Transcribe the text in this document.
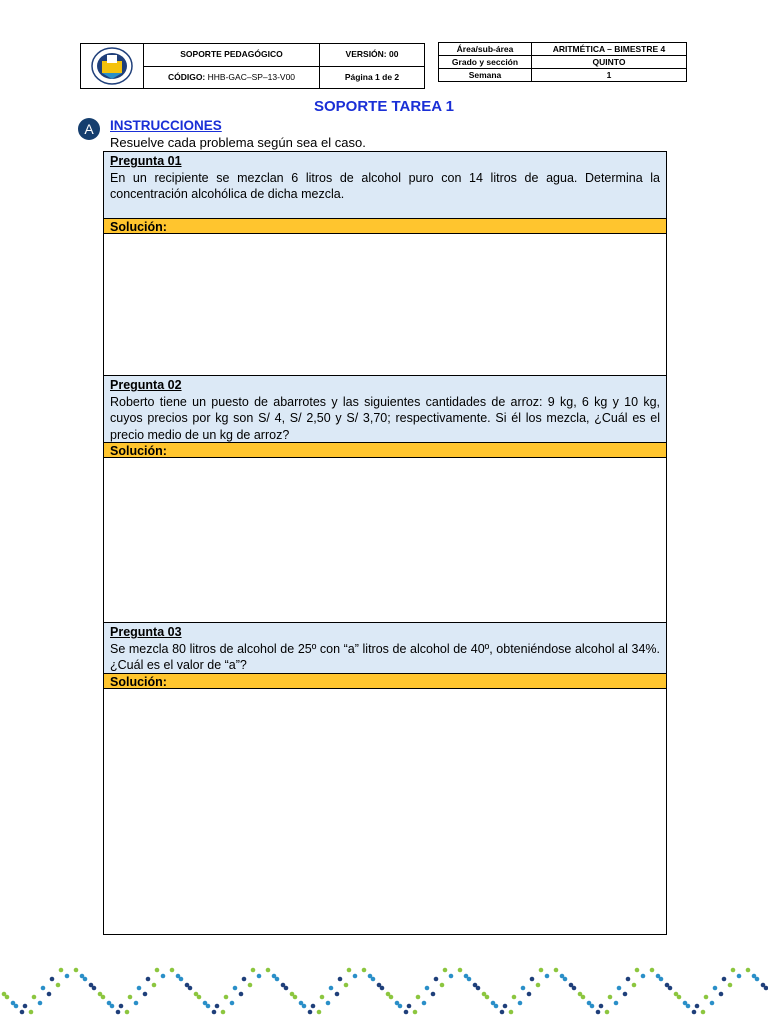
	SOPORTE PEDAGÓGICO	VERSIÓN: 00
	CÓDIGO: HHB-GAC–SP–13-V00	Página 1 de 2
Área/sub-área	ARITMÉTICA – BIMESTRE 4
Grado y sección	QUINTO
Semana	1
SOPORTE TAREA 1
A	INSTRUCCIONES
Resuelve cada problema según sea el caso.
Pregunta 01
En un recipiente se mezclan 6 litros de alcohol puro con 14 litros de agua. Determina la concentración alcohólica de dicha mezcla.
Solución:
Pregunta 02
Roberto tiene un puesto de abarrotes y las siguientes cantidades de arroz: 9 kg, 6 kg y 10 kg, cuyos precios por kg son S/ 4, S/ 2,50 y S/ 3,70; respectivamente. Si él los mezcla, ¿Cuál es el precio medio de un kg de arroz?
Solución:
Pregunta 03
Se mezcla 80 litros de alcohol de 25º con “a” litros de alcohol de 40º, obteniéndose alcohol al 34%. ¿Cuál es el valor de “a”?
Solución:
